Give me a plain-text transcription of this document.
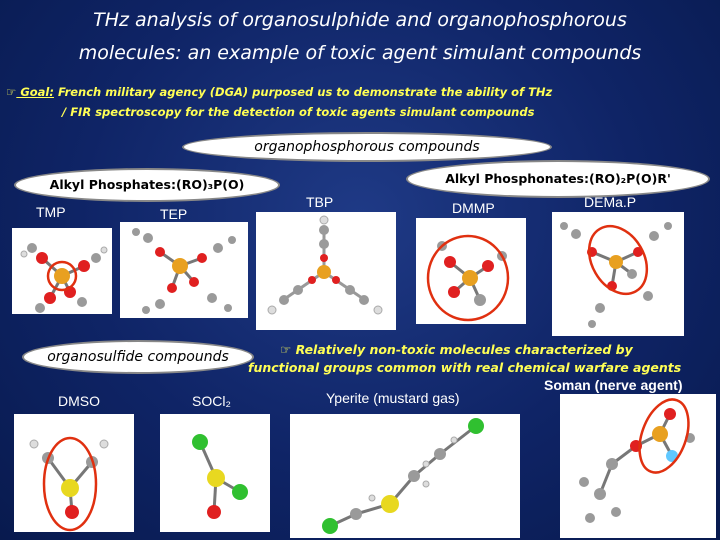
THz analysis of organosulphide and organophosphorous
molecules: an example of toxic agent simulant compounds
☞ Goal: French military agency (DGA) purposed us to demonstrate the ability of THz
/ FIR spectroscopy for the detection of toxic agents simulant compounds
organophosphorous compounds
Alkyl Phosphates:(RO)₃P(O)	Alkyl Phosphonates:(RO)₂P(O)R'
TMP	TEP
TBP	DMMP	DEMa.P
organosulfide compounds	☞ Relatively non-toxic molecules characterized by
functional groups common with real chemical warfare agents
DMSO	SOCl₂	Yperite (mustard gas)
Soman (nerve agent)
